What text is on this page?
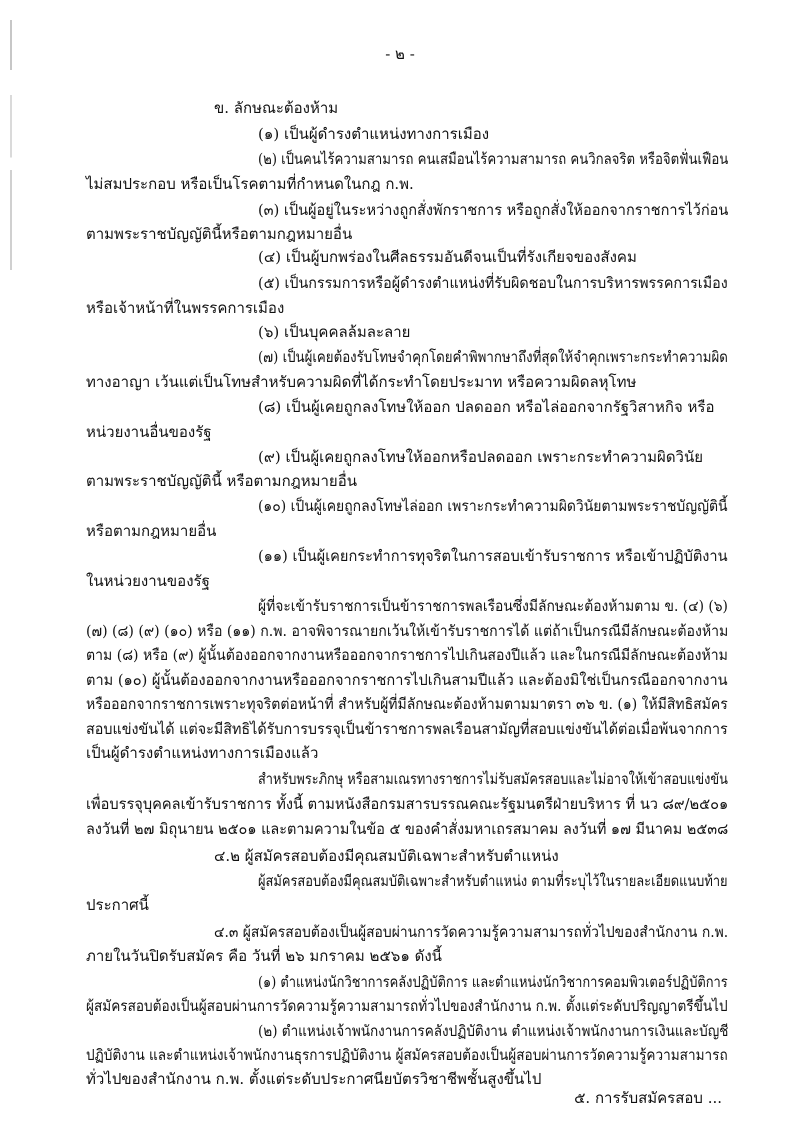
- ๒ -
ข. ลักษณะต้องห้าม
(๑) เป็นผู้ดำรงตำแหน่งทางการเมือง
(๒) เป็นคนไร้ความสามารถ คนเสมือนไร้ความสามารถ คนวิกลจริต หรือจิตฟั่นเฟือน
ไม่สมประกอบ หรือเป็นโรคตามที่กำหนดในกฎ ก.พ.
(๓) เป็นผู้อยู่ในระหว่างถูกสั่งพักราชการ หรือถูกสั่งให้ออกจากราชการไว้ก่อน
ตามพระราชบัญญัตินี้หรือตามกฎหมายอื่น
(๔) เป็นผู้บกพร่องในศีลธรรมอันดีจนเป็นที่รังเกียจของสังคม
(๕) เป็นกรรมการหรือผู้ดำรงตำแหน่งที่รับผิดชอบในการบริหารพรรคการเมือง
หรือเจ้าหน้าที่ในพรรคการเมือง
(๖) เป็นบุคคลล้มละลาย
(๗) เป็นผู้เคยต้องรับโทษจำคุกโดยคำพิพากษาถึงที่สุดให้จำคุกเพราะกระทำความผิด
ทางอาญา เว้นแต่เป็นโทษสำหรับความผิดที่ได้กระทำโดยประมาท หรือความผิดลหุโทษ
(๘) เป็นผู้เคยถูกลงโทษให้ออก ปลดออก หรือไล่ออกจากรัฐวิสาหกิจ หรือ
หน่วยงานอื่นของรัฐ
(๙) เป็นผู้เคยถูกลงโทษให้ออกหรือปลดออก เพราะกระทำความผิดวินัย
ตามพระราชบัญญัตินี้ หรือตามกฎหมายอื่น
(๑๐) เป็นผู้เคยถูกลงโทษไล่ออก เพราะกระทำความผิดวินัยตามพระราชบัญญัตินี้
หรือตามกฎหมายอื่น
(๑๑) เป็นผู้เคยกระทำการทุจริตในการสอบเข้ารับราชการ หรือเข้าปฏิบัติงาน
ในหน่วยงานของรัฐ
ผู้ที่จะเข้ารับราชการเป็นข้าราชการพลเรือนซึ่งมีลักษณะต้องห้ามตาม ข. (๔) (๖)
(๗) (๘) (๙) (๑๐) หรือ (๑๑) ก.พ. อาจพิจารณายกเว้นให้เข้ารับราชการได้ แต่ถ้าเป็นกรณีมีลักษณะต้องห้าม
ตาม (๘) หรือ (๙) ผู้นั้นต้องออกจากงานหรือออกจากราชการไปเกินสองปีแล้ว และในกรณีมีลักษณะต้องห้าม
ตาม (๑๐) ผู้นั้นต้องออกจากงานหรือออกจากราชการไปเกินสามปีแล้ว และต้องมิใช่เป็นกรณีออกจากงาน
หรือออกจากราชการเพราะทุจริตต่อหน้าที่ สำหรับผู้ที่มีลักษณะต้องห้ามตามมาตรา ๓๖ ข. (๑) ให้มีสิทธิสมัคร
สอบแข่งขันได้ แต่จะมีสิทธิได้รับการบรรจุเป็นข้าราชการพลเรือนสามัญที่สอบแข่งขันได้ต่อเมื่อพ้นจากการ
เป็นผู้ดำรงตำแหน่งทางการเมืองแล้ว
สำหรับพระภิกษุ หรือสามเณรทางราชการไม่รับสมัครสอบและไม่อาจให้เข้าสอบแข่งขัน
เพื่อบรรจุบุคคลเข้ารับราชการ ทั้งนี้ ตามหนังสือกรมสารบรรณคณะรัฐมนตรีฝ่ายบริหาร ที่ นว ๘๙/๒๕๐๑
ลงวันที่ ๒๗ มิถุนายน ๒๕๐๑ และตามความในข้อ ๕ ของคำสั่งมหาเถรสมาคม ลงวันที่ ๑๗ มีนาคม ๒๕๓๘
๔.๒ ผู้สมัครสอบต้องมีคุณสมบัติเฉพาะสำหรับตำแหน่ง
ผู้สมัครสอบต้องมีคุณสมบัติเฉพาะสำหรับตำแหน่ง ตามที่ระบุไว้ในรายละเอียดแนบท้าย
ประกาศนี้
๔.๓ ผู้สมัครสอบต้องเป็นผู้สอบผ่านการวัดความรู้ความสามารถทั่วไปของสำนักงาน ก.พ.
ภายในวันปิดรับสมัคร คือ วันที่ ๒๖ มกราคม ๒๕๖๑ ดังนี้
(๑) ตำแหน่งนักวิชาการคลังปฏิบัติการ และตำแหน่งนักวิชาการคอมพิวเตอร์ปฏิบัติการ
ผู้สมัครสอบต้องเป็นผู้สอบผ่านการวัดความรู้ความสามารถทั่วไปของสำนักงาน ก.พ. ตั้งแต่ระดับปริญญาตรีขึ้นไป
(๒) ตำแหน่งเจ้าพนักงานการคลังปฏิบัติงาน ตำแหน่งเจ้าพนักงานการเงินและบัญชี
ปฏิบัติงาน และตำแหน่งเจ้าพนักงานธุรการปฏิบัติงาน ผู้สมัครสอบต้องเป็นผู้สอบผ่านการวัดความรู้ความสามารถ
ทั่วไปของสำนักงาน ก.พ. ตั้งแต่ระดับประกาศนียบัตรวิชาชีพชั้นสูงขึ้นไป
๕. การรับสมัครสอบ ...
